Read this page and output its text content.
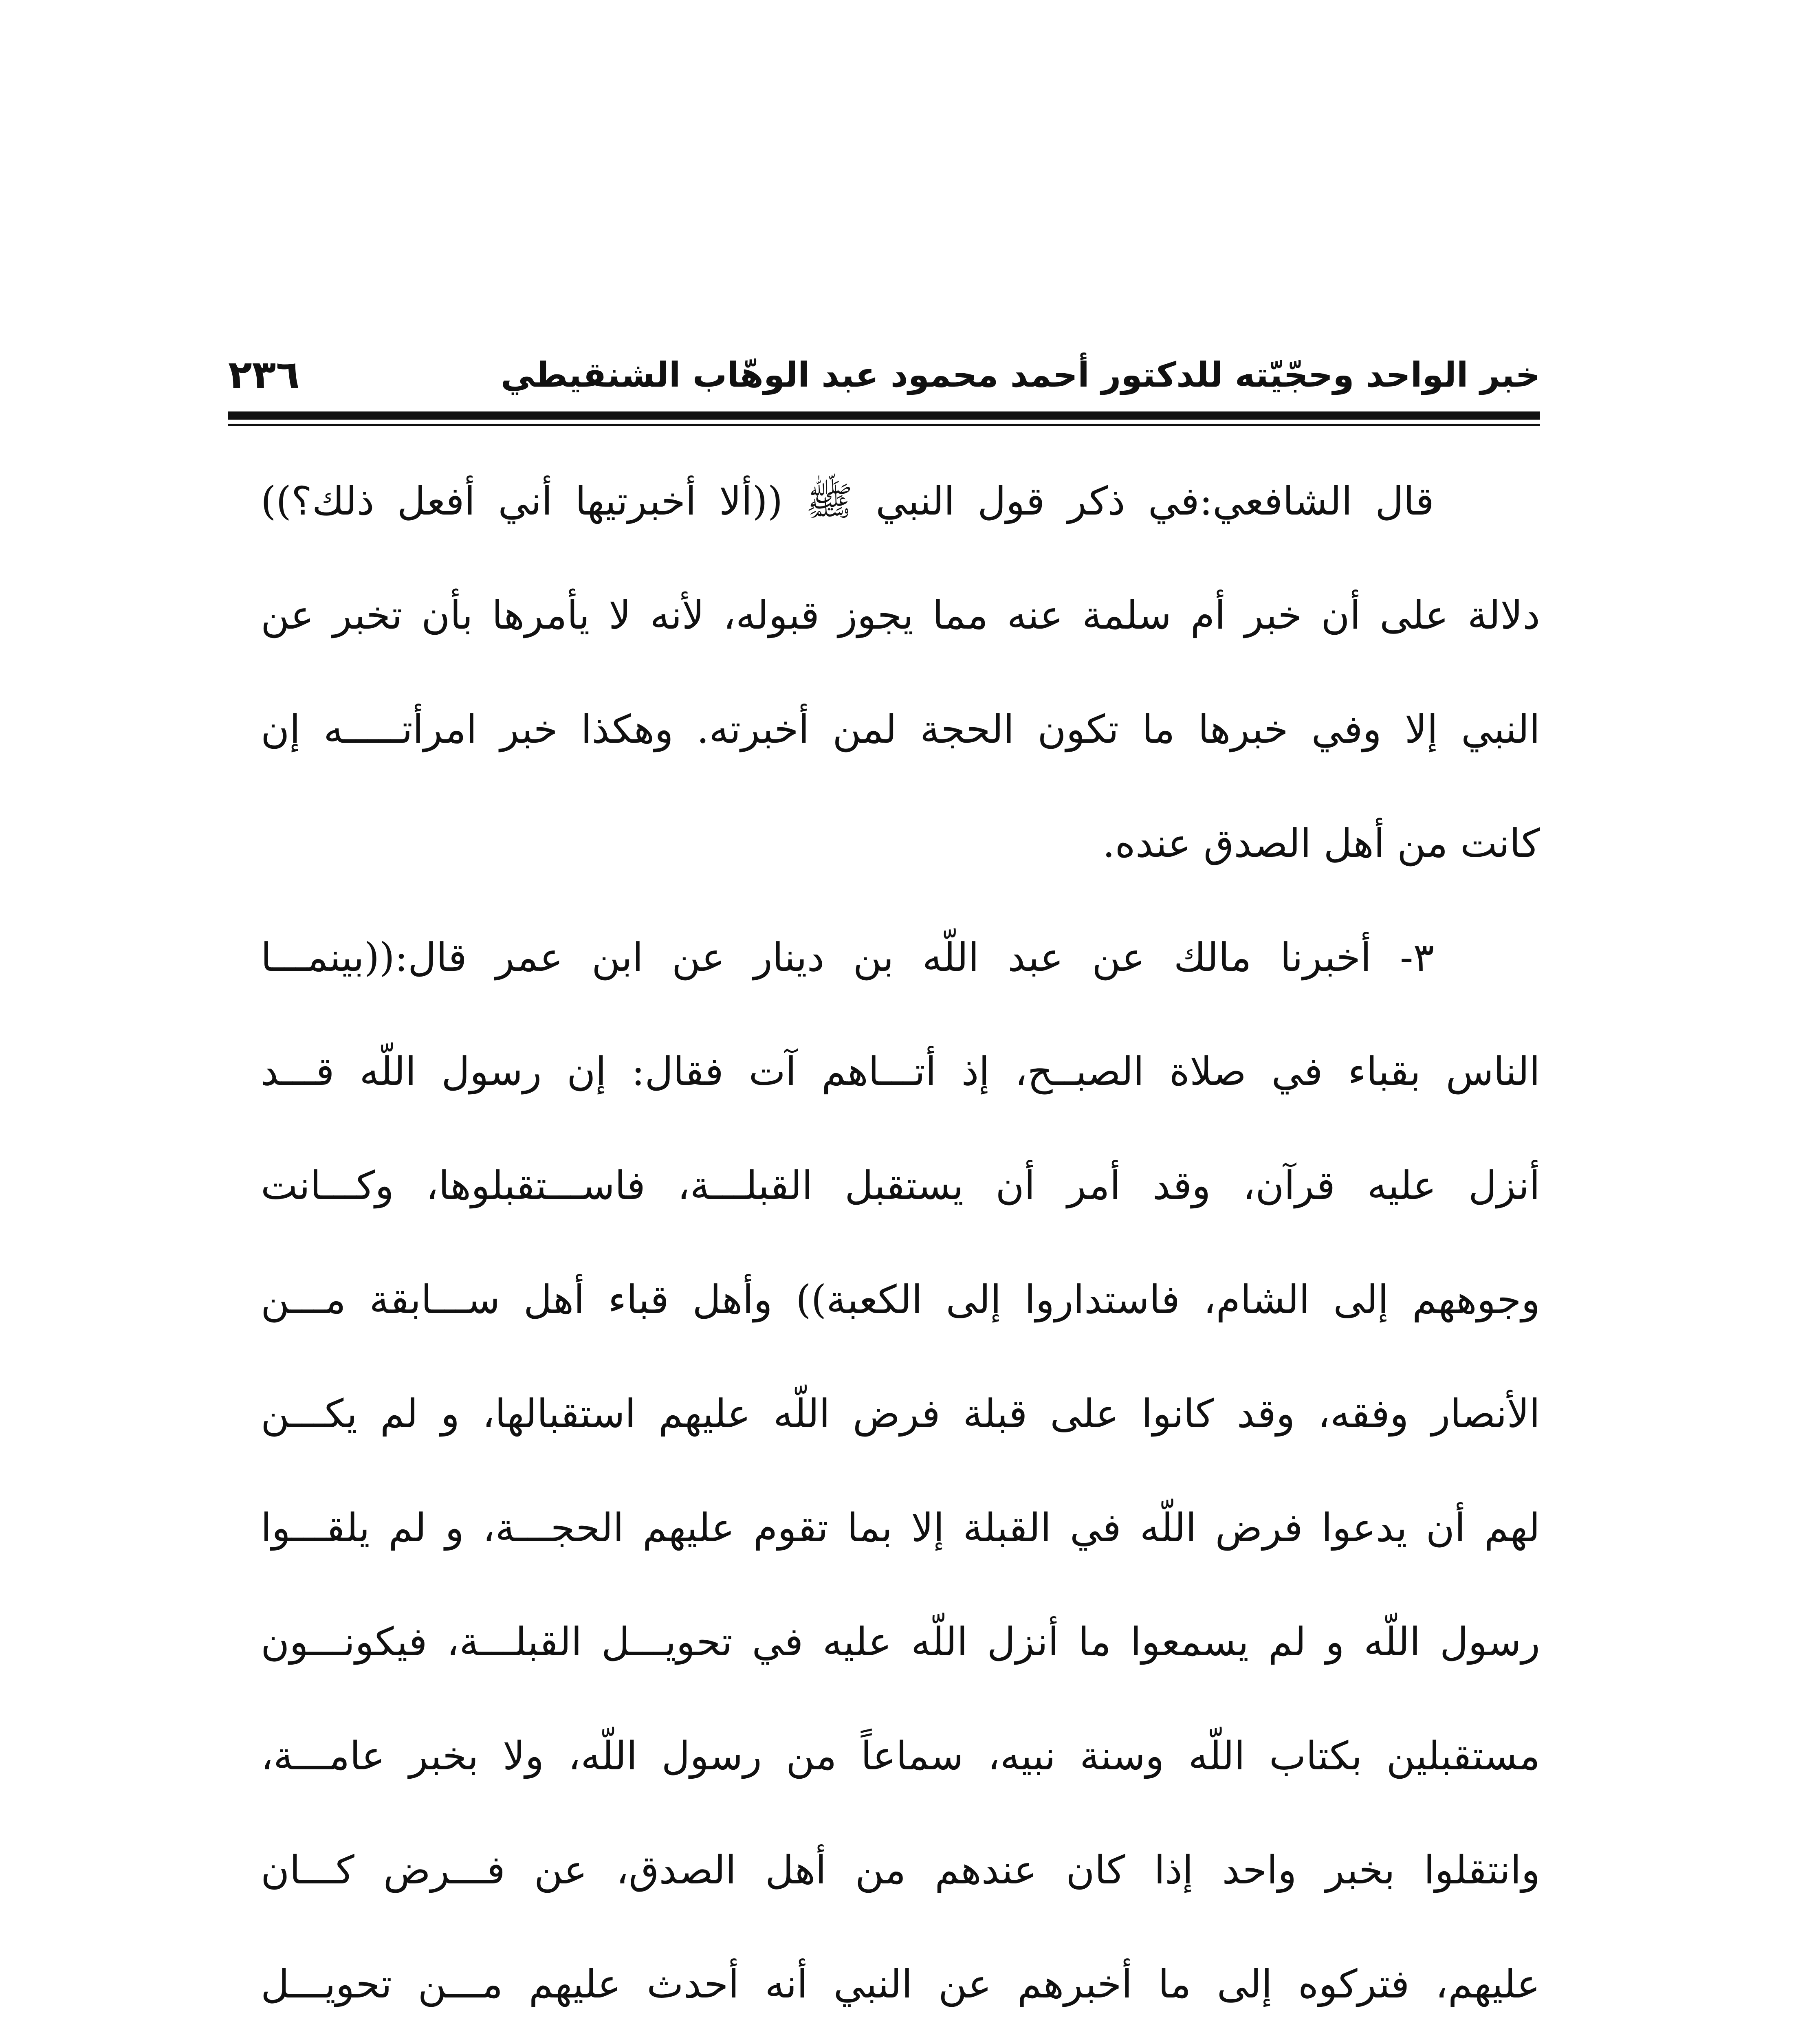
خبر الواحد وحجّيّته للدكتور أحمد محمود عبد الوهّاب الشنقيطي
٢٣٦
قال الشافعي:في ذكر قول النبي ﷺ ((ألا أخبرتيها أني أفعل ذلك؟))
دلالة على أن خبر أم سلمة عنه مما يجوز قبوله، لأنه لا يأمرها بأن تخبر عن
النبي إلا وفي خبرها ما تكون الحجة لمن أخبرته. وهكذا خبر امرأتـــــه إن
كانت من أهل الصدق عنده.
٣- أخبرنا مالك عن عبد اللّه بن دينار عن ابن عمر قال:((بينمـــا
الناس بقباء في صلاة الصبــح، إذ أتـــاهم آت فقال: إن رسول اللّه قـــد
أنزل عليه قرآن، وقد أمر أن يستقبل القبلـــة، فاســـتقبلوها، وكـــانت
وجوههم إلى الشام، فاستداروا إلى الكعبة)) وأهل قباء أهل ســـابقة مـــن
الأنصار وفقه، وقد كانوا على قبلة فرض اللّه عليهم استقبالها، و لم يكـــن
لهم أن يدعوا فرض اللّه في القبلة إلا بما تقوم عليهم الحجـــة، و لم يلقـــوا
رسول اللّه و لم يسمعوا ما أنزل اللّه عليه في تحويـــل القبلـــة، فيكونـــون
مستقبلين بكتاب اللّه وسنة نبيه، سماعاً من رسول اللّه، ولا بخبر عامـــة،
وانتقلوا بخبر واحد إذا كان عندهم من أهل الصدق، عن فـــرض كـــان
عليهم، فتركوه إلى ما أخبرهم عن النبي أنه أحدث عليهم مـــن تحويـــل
